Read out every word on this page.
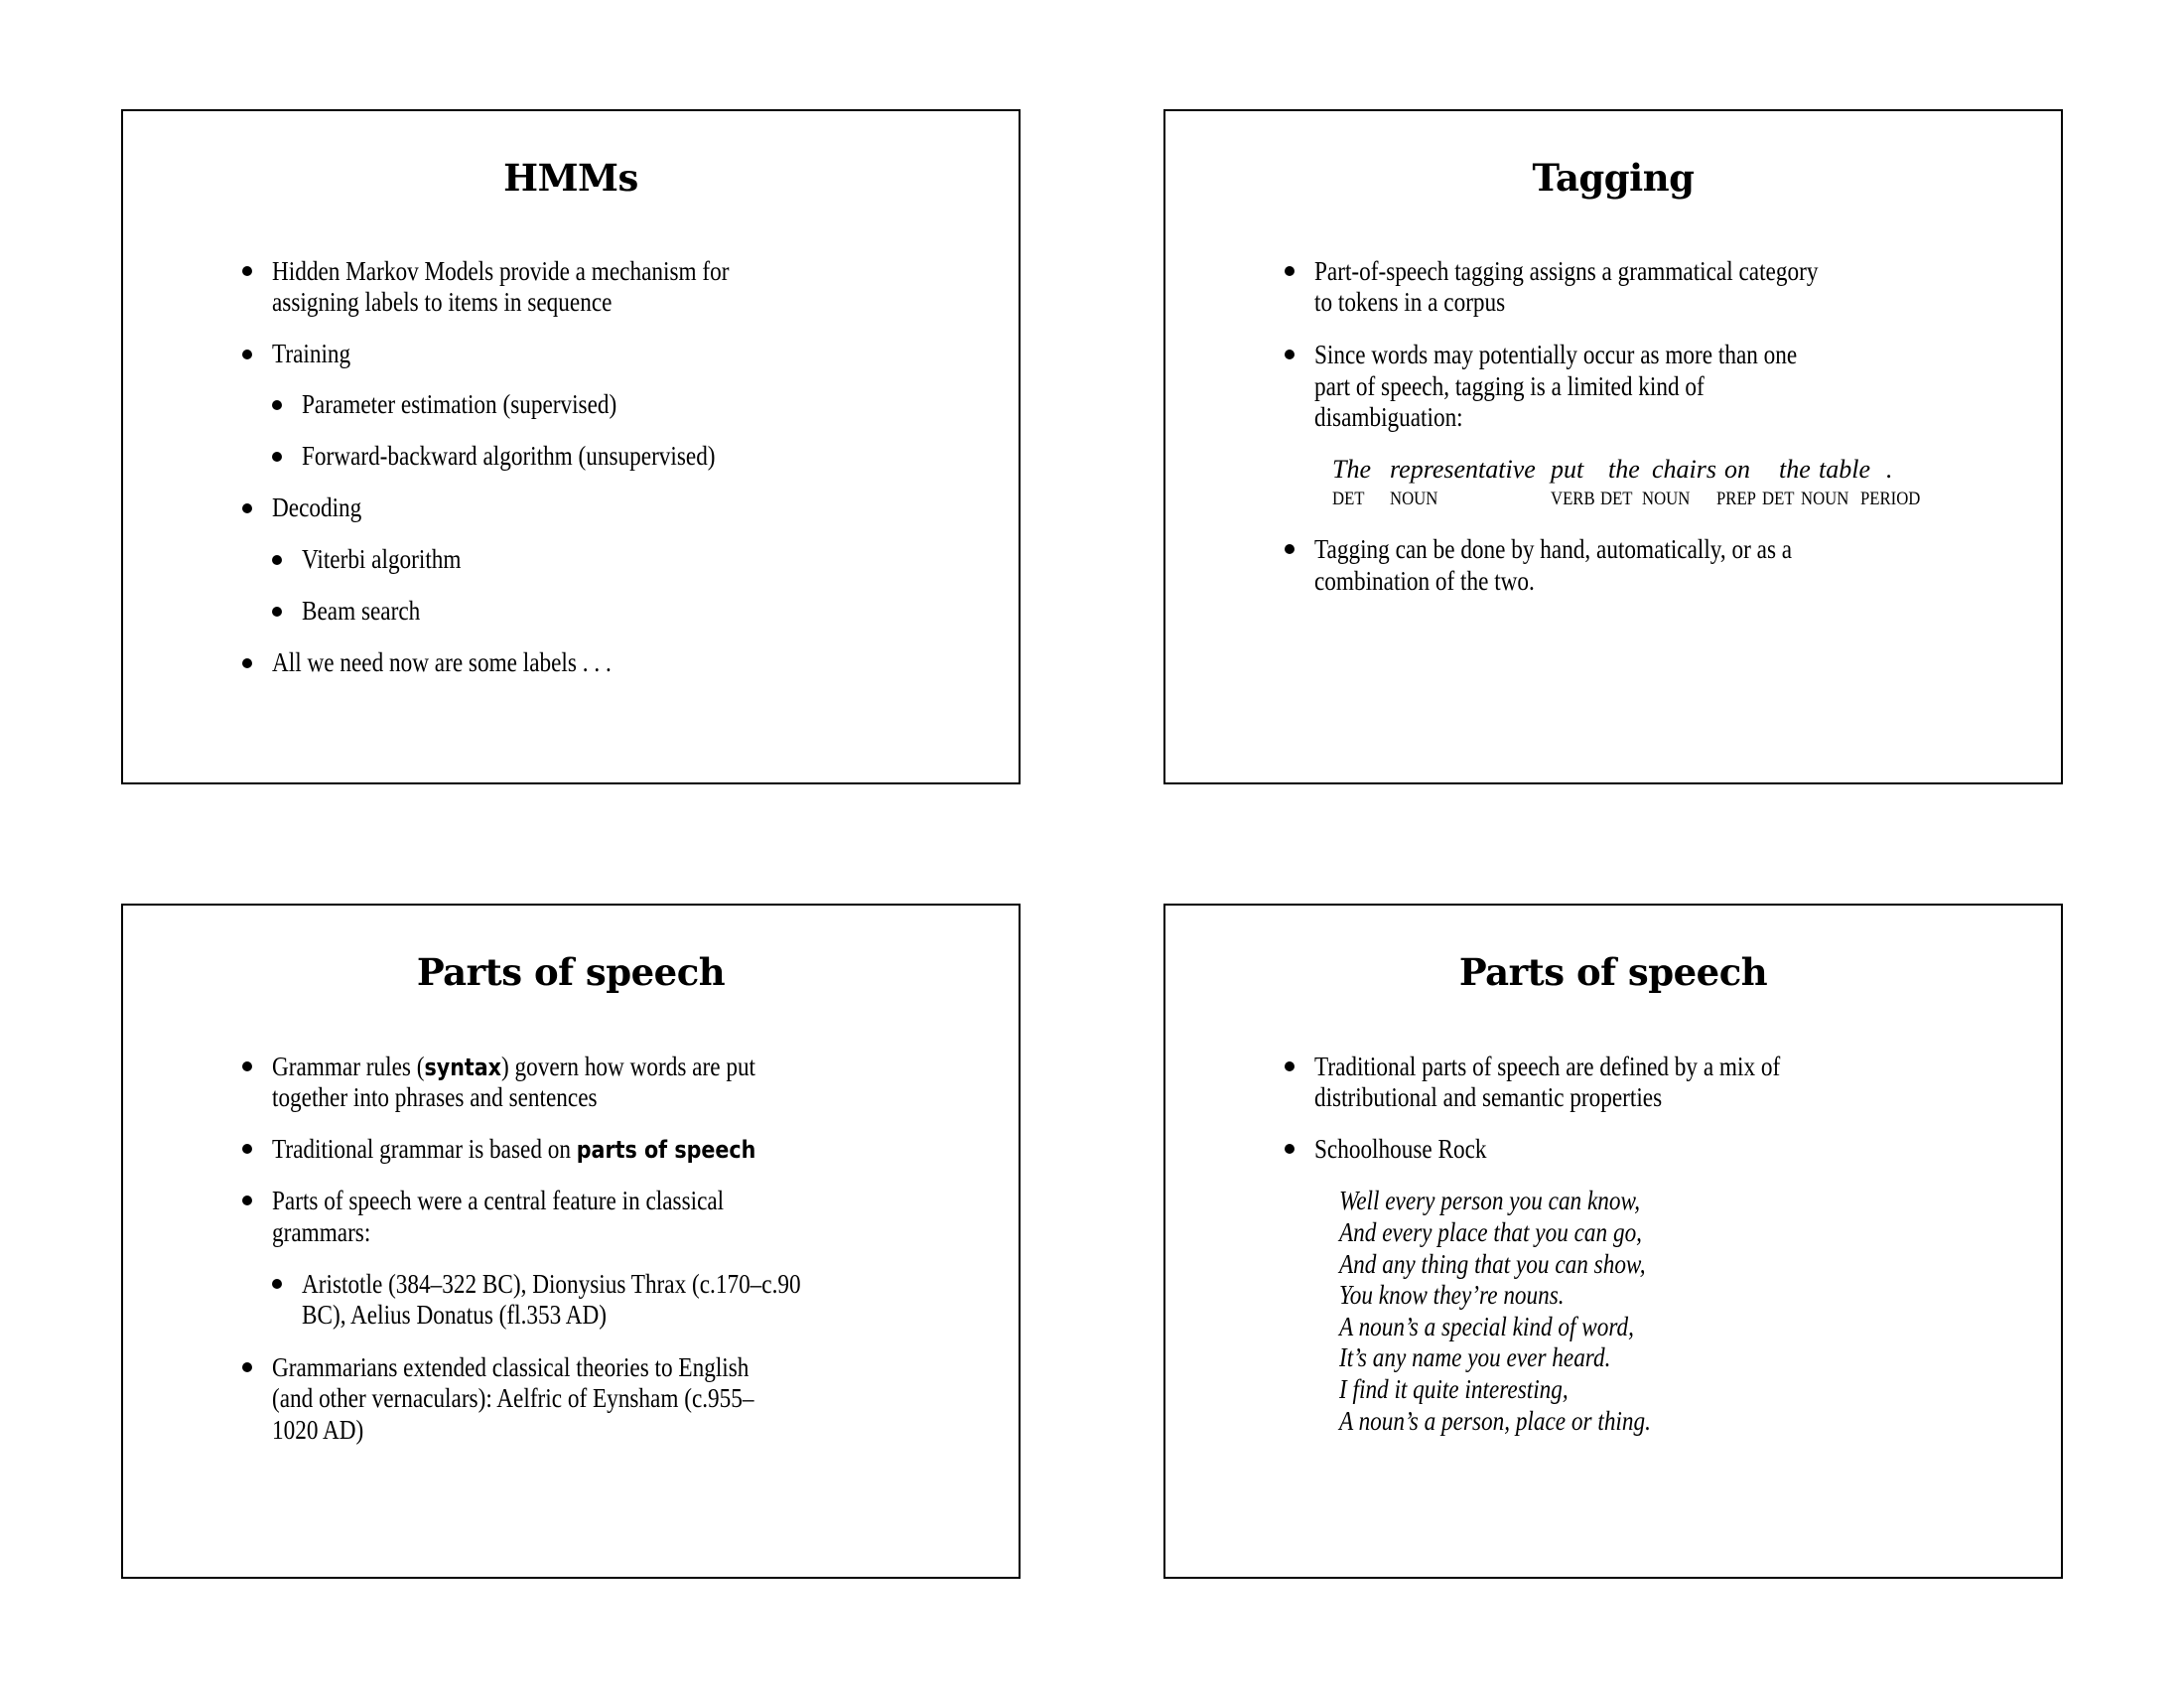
HMMs
Hidden Markov Models provide a mechanism for
assigning labels to items in sequence
Training
Parameter estimation (supervised)
Forward-backward algorithm (unsupervised)
Decoding
Viterbi algorithm
Beam search
All we need now are some labels . . .
Tagging
Part-of-speech tagging assigns a grammatical category
to tokens in a corpus
Since words may potentially occur as more than one
part of speech, tagging is a limited kind of
disambiguation:
The representative put the chairs on the table .
DET NOUN	VERB DET NOUN PREP DET NOUN PERIOD
Tagging can be done by hand, automatically, or as a
combination of the two.
Parts of speech
Grammar rules (syntax) govern how words are put
together into phrases and sentences
Traditional grammar is based on parts of speech
Parts of speech were a central feature in classical
grammars:
Aristotle (384–322 BC), Dionysius Thrax (c.170–c.90
BC), Aelius Donatus (fl.353 AD)
Grammarians extended classical theories to English
(and other vernaculars): Aelfric of Eynsham (c.955–
1020 AD)
Parts of speech
Traditional parts of speech are defined by a mix of
distributional and semantic properties
Schoolhouse Rock
Well every person you can know,
And every place that you can go,
And any thing that you can show,
You know they’re nouns.
A noun’s a special kind of word,
It’s any name you ever heard.
I find it quite interesting,
A noun’s a person, place or thing.
